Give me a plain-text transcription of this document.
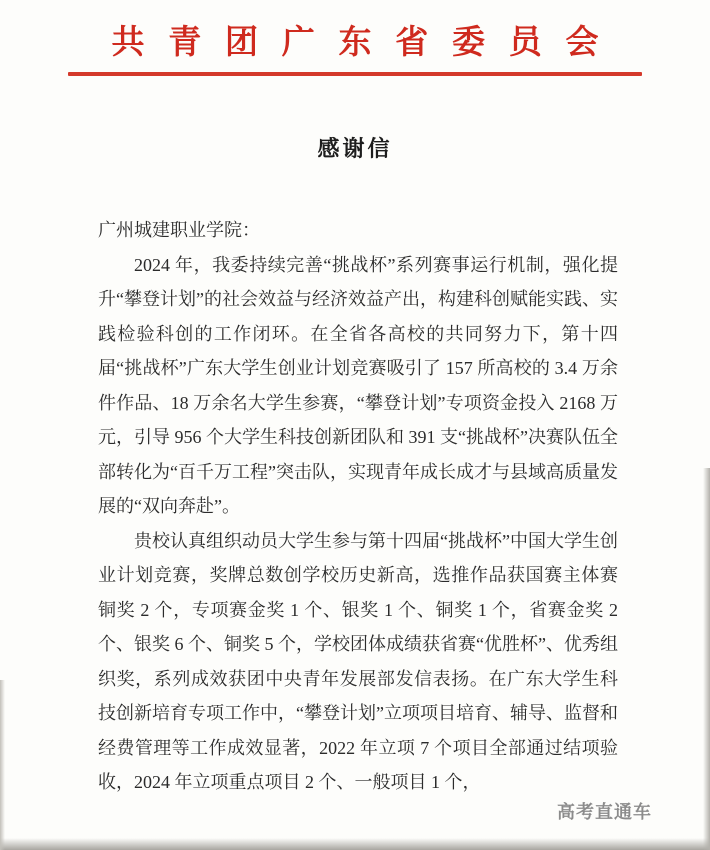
共青团广东省委员会
感谢信

广州城建职业学院：

2024 年，我委持续完善“挑战杯”系列赛事运行机制，强化提升“攀登计划”的社会效益与经济效益产出，构建科创赋能实践、实践检验科创的工作闭环。在全省各高校的共同努力下，第十四届“挑战杯”广东大学生创业计划竞赛吸引了 157 所高校的 3.4 万余件作品、18 万余名大学生参赛，“攀登计划”专项资金投入 2168 万元，引导 956 个大学生科技创新团队和 391 支“挑战杯”决赛队伍全部转化为“百千万工程”突击队，实现青年成长成才与县域高质量发展的“双向奔赴”。

贵校认真组织动员大学生参与第十四届“挑战杯”中国大学生创业计划竞赛，奖牌总数创学校历史新高，选推作品获国赛主体赛铜奖 2 个，专项赛金奖 1 个、银奖 1 个、铜奖 1 个，省赛金奖 2 个、银奖 6 个、铜奖 5 个，学校团体成绩获省赛“优胜杯”、优秀组织奖，系列成效获团中央青年发展部发信表扬。在广东大学生科技创新培育专项工作中，“攀登计划”立项项目培育、辅导、监督和经费管理等工作成效显著，2022 年立项 7 个项目全部通过结项验收，2024 年立项重点项目 2 个、一般项目 1 个，

高考直通车
